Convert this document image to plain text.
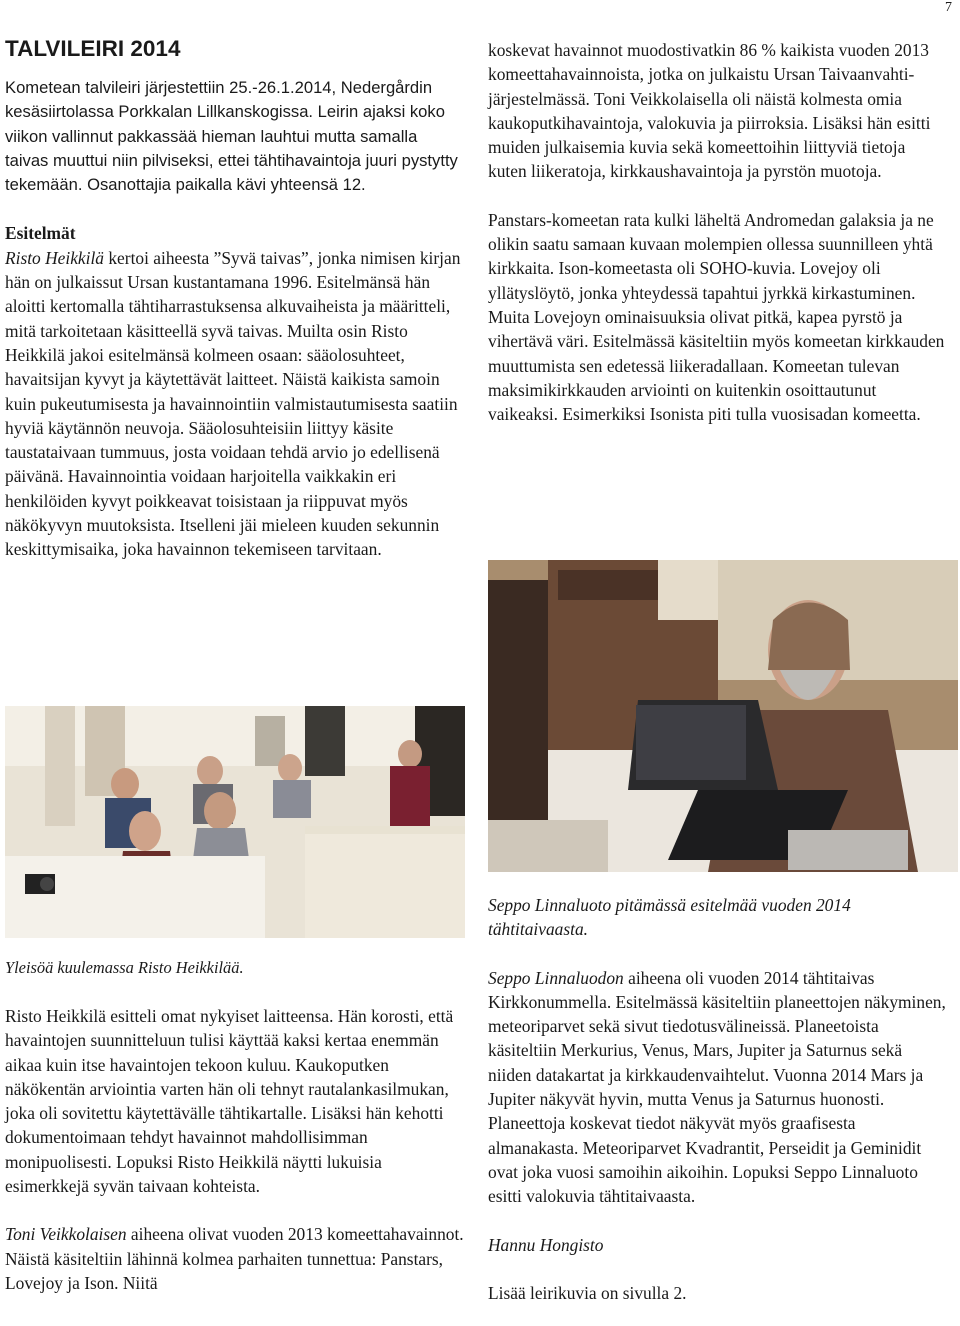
7
TALVILEIRI 2014

Kometean talvileiri järjestettiin 25.-26.1.2014, Nedergårdin kesäsiirtolassa Porkkalan Lillkanskogissa. Leirin ajaksi koko viikon vallinnut pakkassää hieman lauhtui mutta samalla taivas muuttui niin pilviseksi, ettei tähtihavaintoja juuri pystytty tekemään. Osanottajia paikalla kävi yhteensä 12.

Esitelmät
Risto Heikkilä kertoi aiheesta ”Syvä taivas”, jonka nimisen kirjan hän on julkaissut Ursan kustantamana 1996. Esitelmänsä hän aloitti kertomalla tähtiharrastuksensa alkuvaiheista ja määritteli, mitä tarkoitetaan käsitteellä syvä taivas. Muilta osin Risto Heikkilä jakoi esitelmänsä kolmeen osaan: sääolosuhteet, havaitsijan kyvyt ja käytettävät laitteet. Näistä kaikista samoin kuin pukeutumisesta ja havainnointiin valmistautumisesta saatiin hyviä käytännön neuvoja. Sääolosuhteisiin liittyy käsite taustataivaan tummuus, josta voidaan tehdä arvio jo edellisenä päivänä. Havainnointia voidaan harjoitella vaikkakin eri henkilöiden kyvyt poikkeavat toisistaan ja riippuvat myös näkökyvyn muutoksista. Itselleni jäi mieleen kuuden sekunnin keskittymisaika, joka havainnon tekemiseen tarvitaan.

Yleisöä kuulemassa Risto Heikkilää.

Risto Heikkilä esitteli omat nykyiset laitteensa. Hän korosti, että havaintojen suunnitteluun tulisi käyttää kaksi kertaa enemmän aikaa kuin itse havaintojen tekoon kuluu. Kaukoputken näkökentän arviointia varten hän oli tehnyt rautalankasilmukan, joka oli sovitettu käytettävälle tähtikartalle. Lisäksi hän kehotti dokumentoimaan tehdyt havainnot mahdollisimman monipuolisesti. Lopuksi Risto Heikkilä näytti lukuisia esimerkkejä syvän taivaan kohteista.

Toni Veikkolaisen aiheena olivat vuoden 2013 komeettahavainnot. Näistä käsiteltiin lähinnä kolmea parhaiten tunnettua: Panstars, Lovejoy ja Ison. Niitä

koskevat havainnot muodostivatkin 86 % kaikista vuoden 2013 komeettahavainnoista, jotka on julkaistu Ursan Taivaanvahti-järjestelmässä. Toni Veikkolaisella oli näistä kolmesta omia kaukoputkihavaintoja, valokuvia ja piirroksia. Lisäksi hän esitti muiden julkaisemia kuvia sekä komeettoihin liittyviä tietoja kuten liikeratoja, kirkkaushavaintoja ja pyrstön muotoja.

Panstars-komeetan rata kulki läheltä Andromedan galaksia ja ne olikin saatu samaan kuvaan molempien ollessa suunnilleen yhtä kirkkaita. Ison-komeetasta oli SOHO-kuvia. Lovejoy oli yllätyslöytö, jonka yhteydessä tapahtui jyrkkä kirkastuminen. Muita Lovejoyn ominaisuuksia olivat pitkä, kapea pyrstö ja vihertävä väri. Esitelmässä käsiteltiin myös komeetan kirkkauden muuttumista sen edetessä liikeradallaan. Komeetan tulevan maksimikirkkauden arviointi on kuitenkin osoittautunut vaikeaksi. Esimerkiksi Isonista piti tulla vuosisadan komeetta.

Seppo Linnaluoto pitämässä esitelmää vuoden 2014 tähtitaivaasta.

Seppo Linnaluodon aiheena oli vuoden 2014 tähtitaivas Kirkkonummella. Esitelmässä käsiteltiin planeettojen näkyminen, meteoriparvet sekä sivut tiedotusvälineissä. Planeetoista käsiteltiin Merkurius, Venus, Mars, Jupiter ja Saturnus sekä niiden datakartat ja kirkkaudenvaihtelut. Vuonna 2014 Mars ja Jupiter näkyvät hyvin, mutta Venus ja Saturnus huonosti. Planeettoja koskevat tiedot näkyvät myös graafisesta almanakasta. Meteoriparvet Kvadrantit, Perseidit ja Geminidit ovat joka vuosi samoihin aikoihin. Lopuksi Seppo Linnaluoto esitti valokuvia tähtitaivaasta.

Hannu Hongisto

Lisää leirikuvia on sivulla 2.
